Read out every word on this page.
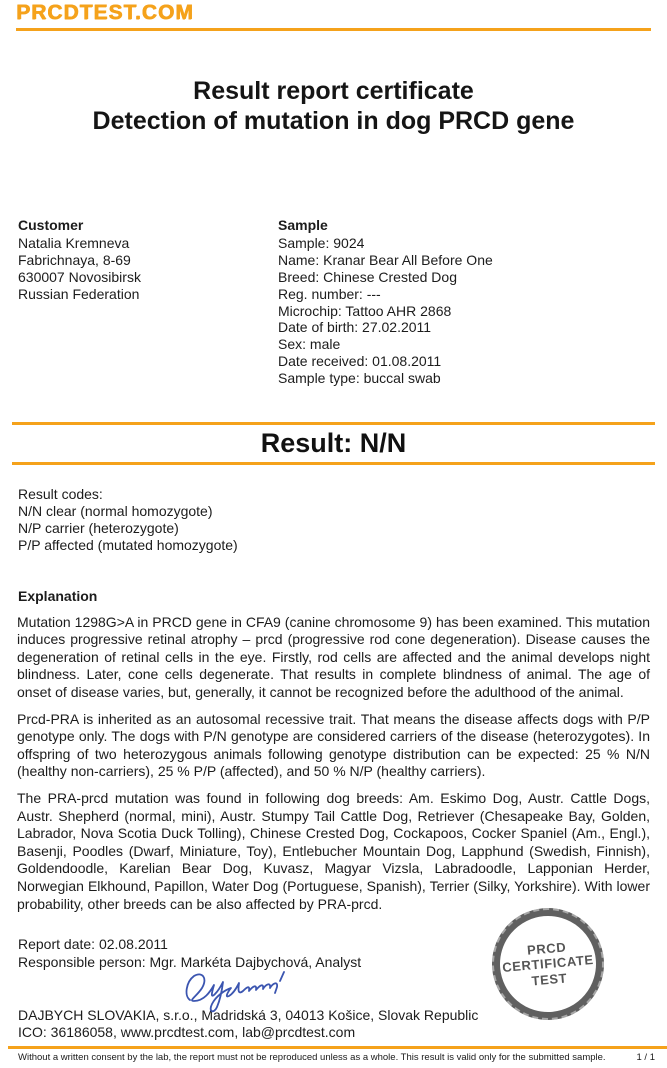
PRCDTEST.COM
Result report certificate
Detection of mutation in dog PRCD gene
Customer
Natalia Kremneva
Fabrichnaya, 8-69
630007 Novosibirsk
Russian Federation
Sample
Sample: 9024
Name: Kranar Bear All Before One
Breed: Chinese Crested Dog
Reg. number: ---
Microchip: Tattoo AHR 2868
Date of birth: 27.02.2011
Sex: male
Date received: 01.08.2011
Sample type: buccal swab
Result: N/N
Result codes:
N/N clear (normal homozygote)
N/P carrier (heterozygote)
P/P affected (mutated homozygote)
Explanation

Mutation 1298G>A in PRCD gene in CFA9 (canine chromosome 9) has been examined. This mutation induces progressive retinal atrophy – prcd (progressive rod cone degeneration). Disease causes the degeneration of retinal cells in the eye. Firstly, rod cells are affected and the animal develops night blindness. Later, cone cells degenerate. That results in complete blindness of animal. The age of onset of disease varies, but, generally, it cannot be recognized before the adulthood of the animal.

Prcd-PRA is inherited as an autosomal recessive trait. That means the disease affects dogs with P/P genotype only. The dogs with P/N genotype are considered carriers of the disease (heterozygotes). In offspring of two heterozygous animals following genotype distribution can be expected: 25 % N/N (healthy non-carriers), 25 % P/P (affected), and 50 % N/P (healthy carriers).

The PRA-prcd mutation was found in following dog breeds: Am. Eskimo Dog, Austr. Cattle Dogs, Austr. Shepherd (normal, mini), Austr. Stumpy Tail Cattle Dog, Retriever (Chesapeake Bay, Golden, Labrador, Nova Scotia Duck Tolling), Chinese Crested Dog, Cockapoos, Cocker Spaniel (Am., Engl.), Basenji, Poodles (Dwarf, Miniature, Toy), Entlebucher Mountain Dog, Lapphund (Swedish, Finnish), Goldendoodle, Karelian Bear Dog, Kuvasz, Magyar Vizsla, Labradoodle, Lapponian Herder, Norwegian Elkhound, Papillon, Water Dog (Portuguese, Spanish), Terrier (Silky, Yorkshire). With lower probability, other breeds can be also affected by PRA-prcd.

Report date: 02.08.2011
Responsible person: Mgr. Markéta Dajbychová, Analyst
PRCD
CERTIFICATE
TEST
DAJBYCH SLOVAKIA, s.r.o., Madridská 3, 04013 Košice, Slovak Republic
ICO: 36186058, www.prcdtest.com, lab@prcdtest.com
Without a written consent by the lab, the report must not be reproduced unless as a whole. This result is valid only for the submitted sample.	1 / 1
